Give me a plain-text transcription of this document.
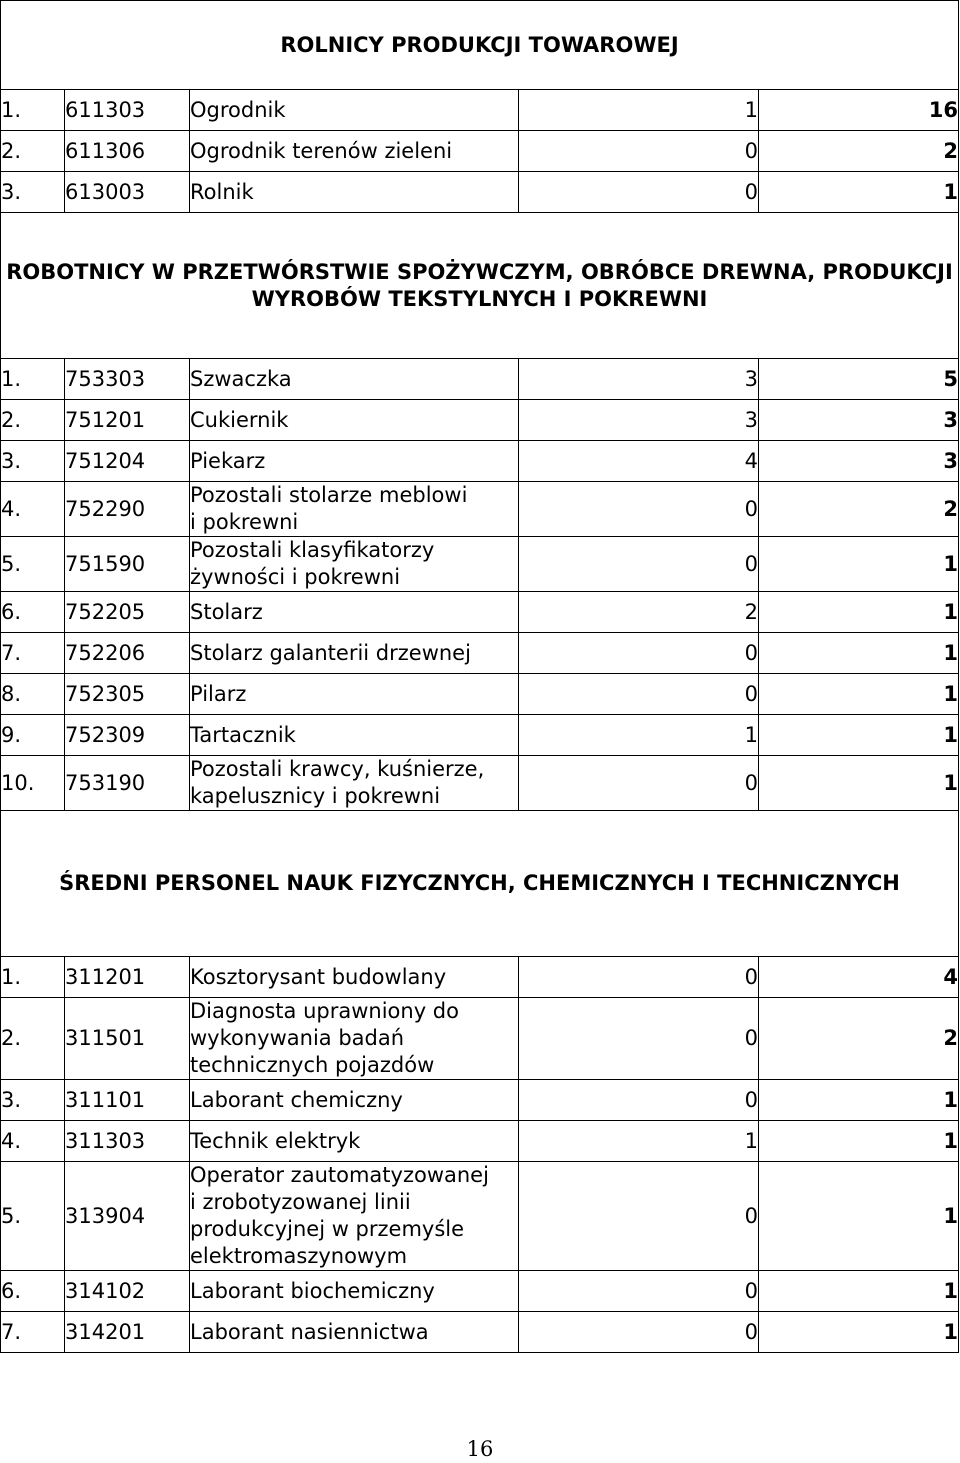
ROLNICY PRODUKCJI TOWAROWEJ				
1.	611303	Ogrodnik	1	16
2.	611306	Ogrodnik terenów zieleni	0	2
3.	613003	Rolnik	0	1

ROBOTNICY W PRZETWÓRSTWIE SPOŻYWCZYM, OBRÓBCE DREWNA, PRODUKCJI
WYROBÓW TEKSTYLNYCH I POKREWNI				

1.	753303	Szwaczka	3	5
2.	751201	Cukiernik	3	3
3.	751204	Piekarz	4	3
4.	752290	Pozostali stolarze meblowi
i pokrewni	0	2
5.	751590	Pozostali klasyfikatorzy
żywności i pokrewni	0	1
6.	752205	Stolarz	2	1
7.	752206	Stolarz galanterii drzewnej	0	1
8.	752305	Pilarz	0	1
9.	752309	Tartacznik	1	1
10.	753190	Pozostali krawcy, kuśnierze,
kapelusznicy i pokrewni	0	1
ŚREDNI PERSONEL NAUK FIZYCZNYCH, CHEMICZNYCH I TECHNICZNYCH				
1.	311201	Kosztorysant budowlany	0	4
2.	311501	Diagnosta uprawniony do
wykonywania badań
technicznych pojazdów	0	2
3.	311101	Laborant chemiczny	0	1
4.	311303	Technik elektryk	1	1
5.	313904	Operator zautomatyzowanej
i zrobotyzowanej linii
produkcyjnej w przemyśle
elektromaszynowym	0	1
6.	314102	Laborant biochemiczny	0	1
7.	314201	Laborant nasiennictwa	0	1
16
